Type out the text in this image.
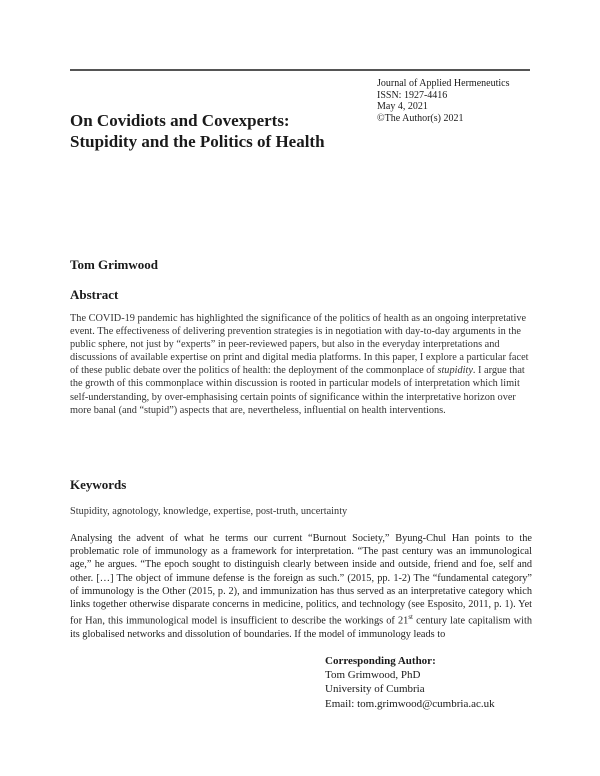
Journal of Applied Hermeneutics
ISSN: 1927-4416
May 4, 2021
©The Author(s) 2021
On Covidiots and Covexperts:
Stupidity and the Politics of Health
Tom Grimwood
Abstract

The COVID-19 pandemic has highlighted the significance of the politics of health as an ongoing interpretative event. The effectiveness of delivering prevention strategies is in negotiation with day-to-day arguments in the public sphere, not just by “experts” in peer-reviewed papers, but also in the everyday interpretations and discussions of available expertise on print and digital media platforms. In this paper, I explore a particular facet of these public debate over the politics of health: the deployment of the commonplace of stupidity. I argue that the growth of this commonplace within discussion is rooted in particular models of interpretation which limit self-understanding, by over-emphasising certain points of significance within the interpretative horizon over more banal (and “stupid”) aspects that are, nevertheless, influential on health interventions.

Keywords

Stupidity, agnotology, knowledge, expertise, post-truth, uncertainty

Analysing the advent of what he terms our current “Burnout Society,” Byung-Chul Han points to the problematic role of immunology as a framework for interpretation. “The past century was an immunological age,” he argues. “The epoch sought to distinguish clearly between inside and outside, friend and foe, self and other. […] The object of immune defense is the foreign as such.” (2015, pp. 1-2) The “fundamental category” of immunology is the Other (2015, p. 2), and immunization has thus served as an interpretative category which links together otherwise disparate concerns in medicine, politics, and technology (see Esposito, 2011, p. 1). Yet for Han, this immunological model is insufficient to describe the workings of 21st century late capitalism with its globalised networks and dissolution of boundaries. If the model of immunology leads to

Corresponding Author:
Tom Grimwood, PhD
University of Cumbria
Email: tom.grimwood@cumbria.ac.uk
